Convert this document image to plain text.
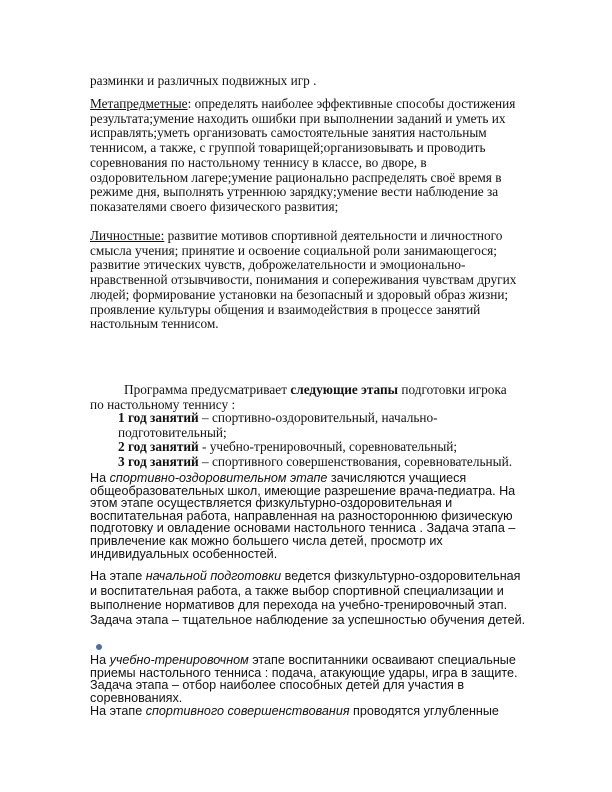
разминки и различных подвижных игр .

Метапредметные: определять наиболее эффективные способы достижения результата;умение находить ошибки при выполнении заданий и уметь их исправлять;уметь организовать самостоятельные занятия настольным теннисом, а также, с группой товарищей;организовывать и проводить соревнования по настольному теннису в классе, во дворе, в оздоровительном лагере;умение рационально распределять своё время в режиме дня, выполнять утреннюю зарядку;умение вести наблюдение за показателями своего физического развития;

Личностные: развитие мотивов спортивной деятельности и личностного смысла учения; принятие и освоение социальной роли занимающегося; развитие этических чувств, доброжелательности и эмоционально-нравственной отзывчивости, понимания и сопереживания чувствам других людей; формирование установки на безопасный и здоровый образ жизни; проявление культуры общения и взаимодействия в процессе занятий настольным теннисом.

Программа предусматривает следующие этапы подготовки игрока
по настольному теннису :
1 год занятий – спортивно-оздоровительный, начально-подготовительный;
2 год занятий - учебно-тренировочный, соревновательный;
3 год занятий – спортивного совершенствования, соревновательный.

На спортивно-оздоровительном этапе зачисляются учащиеся общеобразовательных школ, имеющие разрешение врача-педиатра. На этом этапе осуществляется физкультурно-оздоровительная и воспитательная работа, направленная на разностороннюю физическую подготовку и овладение основами настольного тенниса . Задача этапа – привлечение как можно большего числа детей, просмотр их индивидуальных особенностей.

На этапе начальной подготовки ведется физкультурно-оздоровительная и воспитательная работа, а также выбор спортивной специализации и выполнение нормативов для перехода на учебно-тренировочный этап. Задача этапа – тщательное наблюдение за успешностью обучения детей.

На учебно-тренировочном этапе воспитанники осваивают специальные приемы настольного тенниса : подача, атакующие удары, игра в защите. Задача этапа – отбор наиболее способных детей для участия в соревнованиях.

На этапе спортивного совершенствования проводятся углубленные
